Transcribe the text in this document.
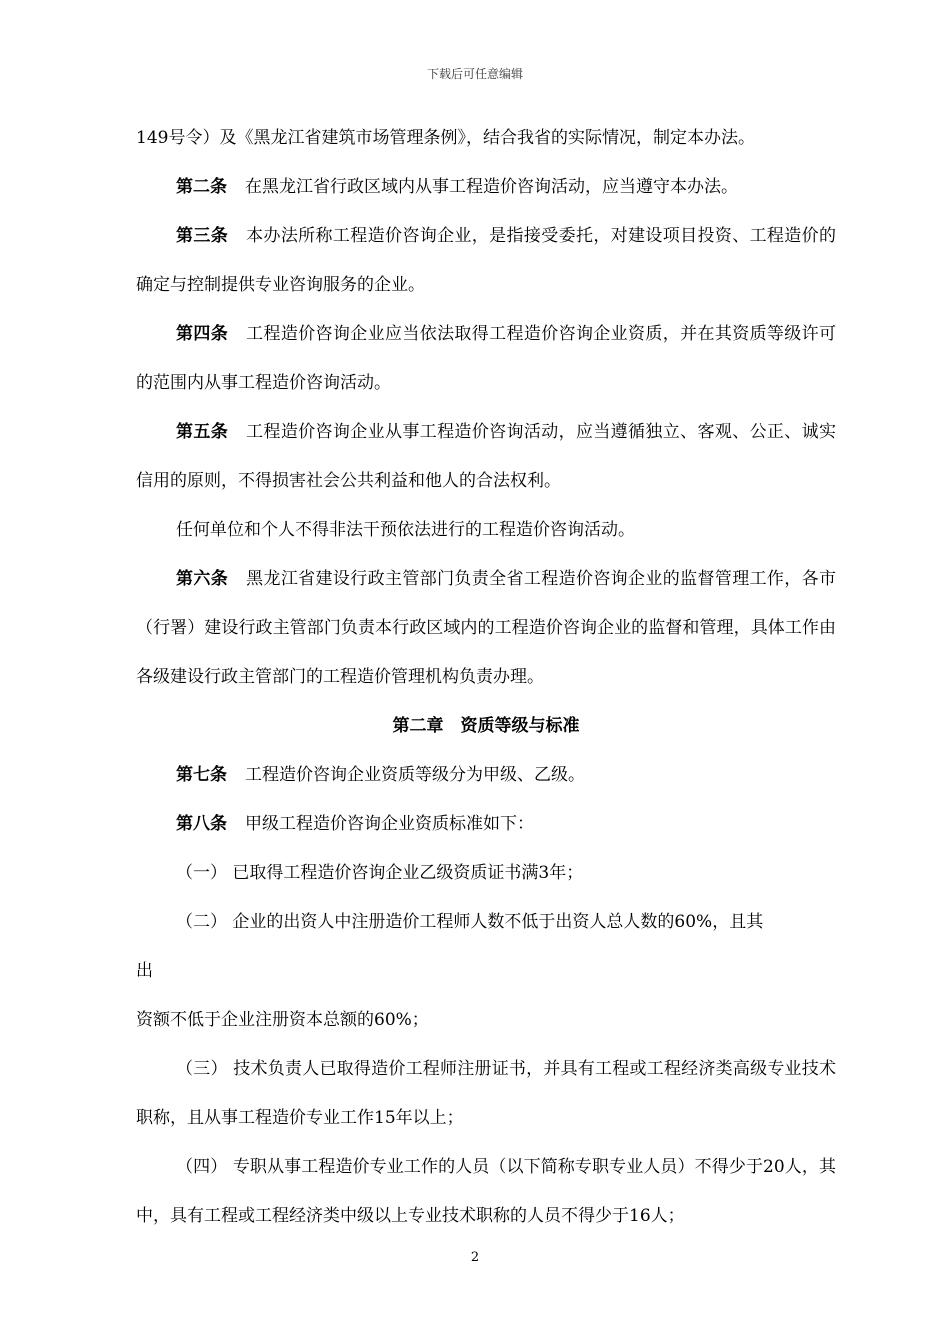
下载后可任意编辑

149号令）及《黑龙江省建筑市场管理条例》，结合我省的实际情况，制定本办法。

第二条 在黑龙江省行政区域内从事工程造价咨询活动，应当遵守本办法。

第三条 本办法所称工程造价咨询企业，是指接受委托，对建设项目投资、工程造价的确定与控制提供专业咨询服务的企业。

第四条 工程造价咨询企业应当依法取得工程造价咨询企业资质，并在其资质等级许可的范围内从事工程造价咨询活动。

第五条 工程造价咨询企业从事工程造价咨询活动，应当遵循独立、客观、公正、诚实信用的原则，不得损害社会公共利益和他人的合法权利。

任何单位和个人不得非法干预依法进行的工程造价咨询活动。

第六条 黑龙江省建设行政主管部门负责全省工程造价咨询企业的监督管理工作，各市（行署）建设行政主管部门负责本行政区域内的工程造价咨询企业的监督和管理，具体工作由各级建设行政主管部门的工程造价管理机构负责办理。

第二章　资质等级与标准

第七条 工程造价咨询企业资质等级分为甲级、乙级。

第八条 甲级工程造价咨询企业资质标准如下：

（一） 已取得工程造价咨询企业乙级资质证书满3年；

（二） 企业的出资人中注册造价工程师人数不低于出资人总人数的60%，且其

出

资额不低于企业注册资本总额的60%；

（三） 技术负责人已取得造价工程师注册证书，并具有工程或工程经济类高级专业技术职称，且从事工程造价专业工作15年以上；

（四） 专职从事工程造价专业工作的人员（以下简称专职专业人员）不得少于20人，其中，具有工程或工程经济类中级以上专业技术职称的人员不得少于16人；

2
